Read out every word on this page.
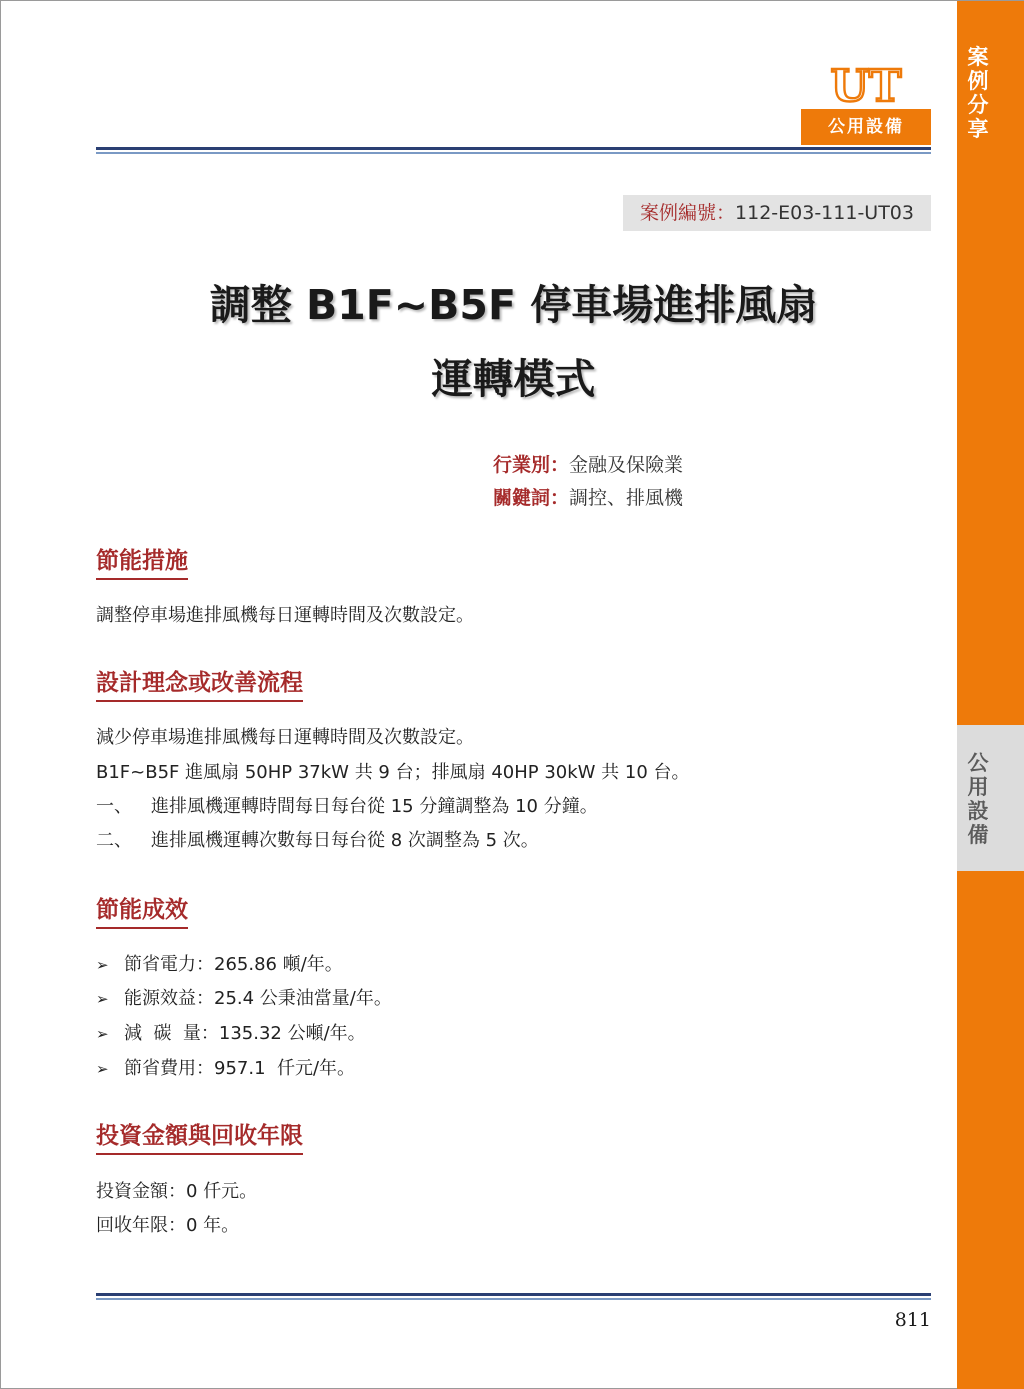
案例分享
公用設備
UT
公用設備
案例編號：112-E03-111-UT03
調整 B1F~B5F 停車場進排風扇
運轉模式
行業別：金融及保險業
關鍵詞：調控、排風機
節能措施
調整停車場進排風機每日運轉時間及次數設定。
設計理念或改善流程
減少停車場進排風機每日運轉時間及次數設定。
B1F~B5F 進風扇 50HP 37kW 共 9 台；排風扇 40HP 30kW 共 10 台。
一、 進排風機運轉時間每日每台從 15 分鐘調整為 10 分鐘。
二、 進排風機運轉次數每日每台從 8 次調整為 5 次。
節能成效
➢ 節省電力：265.86 噸/年。
➢ 能源效益：25.4 公秉油當量/年。
➢ 減  碳  量：135.32 公噸/年。
➢ 節省費用：957.1  仟元/年。
投資金額與回收年限
投資金額：0 仟元。
回收年限：0 年。
811
